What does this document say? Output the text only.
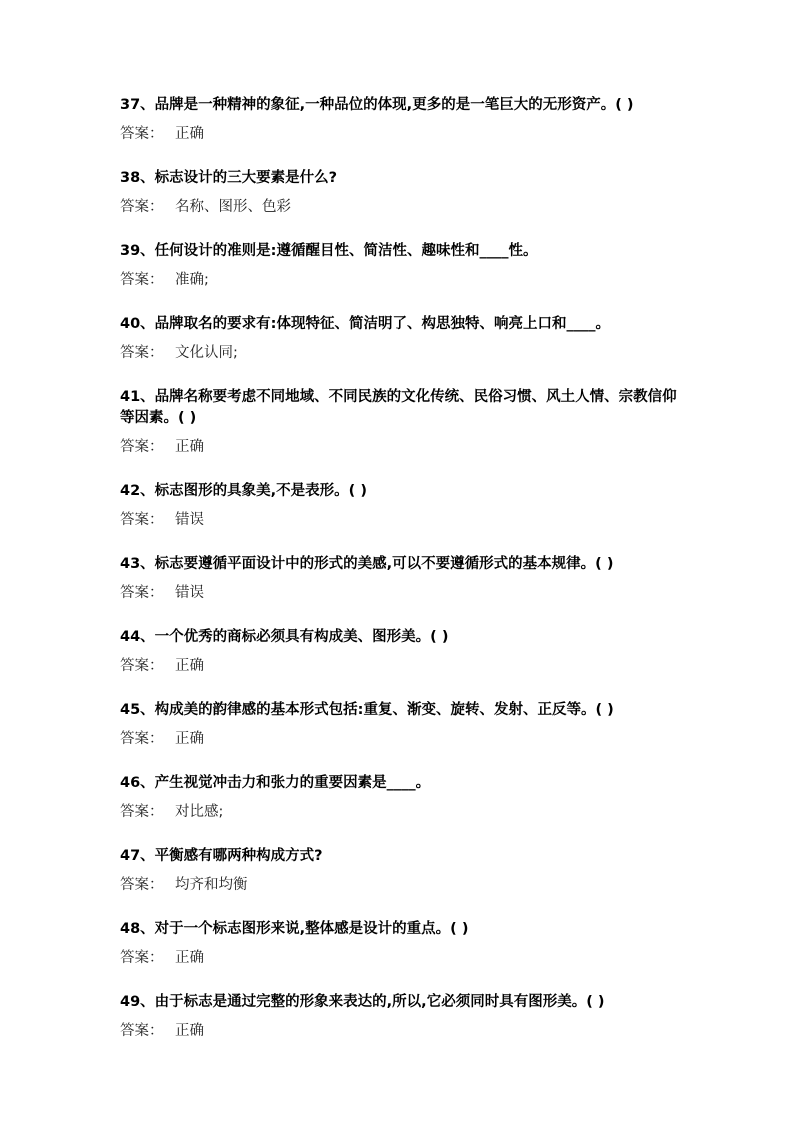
37、品牌是一种精神的象征,一种品位的体现,更多的是一笔巨大的无形资产。( )

答案： 正确

38、标志设计的三大要素是什么?

答案： 名称、图形、色彩

39、任何设计的准则是:遵循醒目性、简洁性、趣味性和____性。

答案： 准确;

40、品牌取名的要求有:体现特征、简洁明了、构思独特、响亮上口和____。

答案： 文化认同;

41、品牌名称要考虑不同地域、不同民族的文化传统、民俗习惯、风土人情、宗教信仰等因素。( )

答案： 正确

42、标志图形的具象美,不是表形。( )

答案： 错误

43、标志要遵循平面设计中的形式的美感,可以不要遵循形式的基本规律。( )

答案： 错误

44、一个优秀的商标必须具有构成美、图形美。( )

答案： 正确

45、构成美的韵律感的基本形式包括:重复、渐变、旋转、发射、正反等。( )

答案： 正确

46、产生视觉冲击力和张力的重要因素是____。

答案： 对比感;

47、平衡感有哪两种构成方式?

答案： 均齐和均衡

48、对于一个标志图形来说,整体感是设计的重点。( )

答案： 正确

49、由于标志是通过完整的形象来表达的,所以,它必须同时具有图形美。( )

答案： 正确
